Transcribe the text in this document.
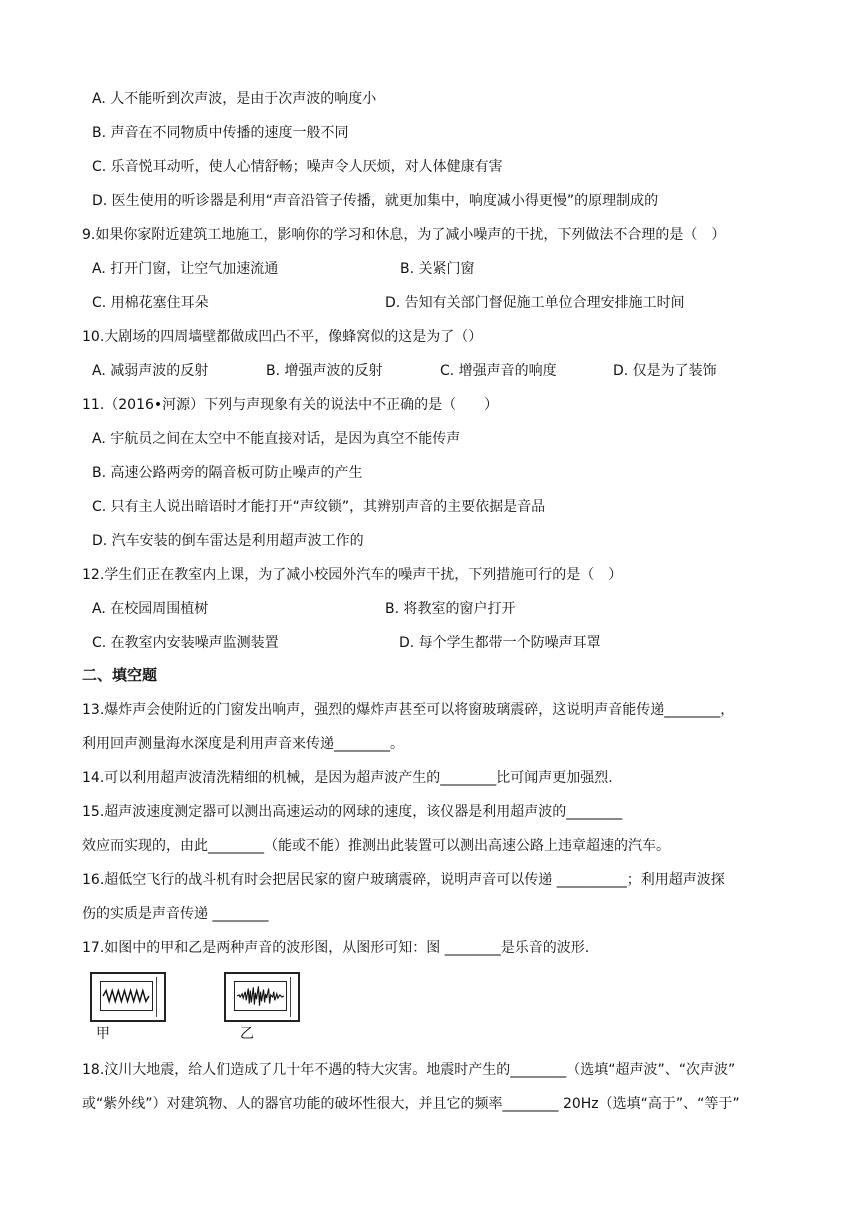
A. 人不能听到次声波，是由于次声波的响度小
B. 声音在不同物质中传播的速度一般不同
C. 乐音悦耳动听，使人心情舒畅；噪声令人厌烦，对人体健康有害
D. 医生使用的听诊器是利用“声音沿管子传播，就更加集中，响度减小得更慢”的原理制成的
9.如果你家附近建筑工地施工，影响你的学习和休息，为了减小噪声的干扰，下列做法不合理的是（　）
A. 打开门窗，让空气加速流通	B. 关紧门窗
C. 用棉花塞住耳朵	D. 告知有关部门督促施工单位合理安排施工时间
10.大剧场的四周墙壁都做成凹凸不平，像蜂窝似的这是为了（）
A. 减弱声波的反射	B. 增强声波的反射	C. 增强声音的响度	D. 仅是为了装饰
11.（2016•河源）下列与声现象有关的说法中不正确的是（　　）
A. 宇航员之间在太空中不能直接对话，是因为真空不能传声
B. 高速公路两旁的隔音板可防止噪声的产生
C. 只有主人说出暗语时才能打开“声纹锁”，其辨别声音的主要依据是音品
D. 汽车安装的倒车雷达是利用超声波工作的
12.学生们正在教室内上课，为了减小校园外汽车的噪声干扰，下列措施可行的是（　）
A. 在校园周围植树	B. 将教室的窗户打开
C. 在教室内安装噪声监测装置	D. 每个学生都带一个防噪声耳罩
二、填空题
13.爆炸声会使附近的门窗发出响声，强烈的爆炸声甚至可以将窗玻璃震碎，这说明声音能传递________，
利用回声测量海水深度是利用声音来传递________。
14.可以利用超声波清洗精细的机械，是因为超声波产生的________比可闻声更加强烈.
15.超声波速度测定器可以测出高速运动的网球的速度，该仪器是利用超声波的________
效应而实现的，由此________（能或不能）推测出此装置可以测出高速公路上违章超速的汽车。
16.超低空飞行的战斗机有时会把居民家的窗户玻璃震碎，说明声音可以传递 __________；利用超声波探
伤的实质是声音传递 ________
17.如图中的甲和乙是两种声音的波形图，从图形可知：图 ________是乐音的波形.
甲	乙
18.汶川大地震，给人们造成了几十年不遇的特大灾害。地震时产生的________（选填“超声波”、“次声波”
或“紫外线”）对建筑物、人的器官功能的破坏性很大，并且它的频率________ 20Hz（选填“高于”、“等于”
